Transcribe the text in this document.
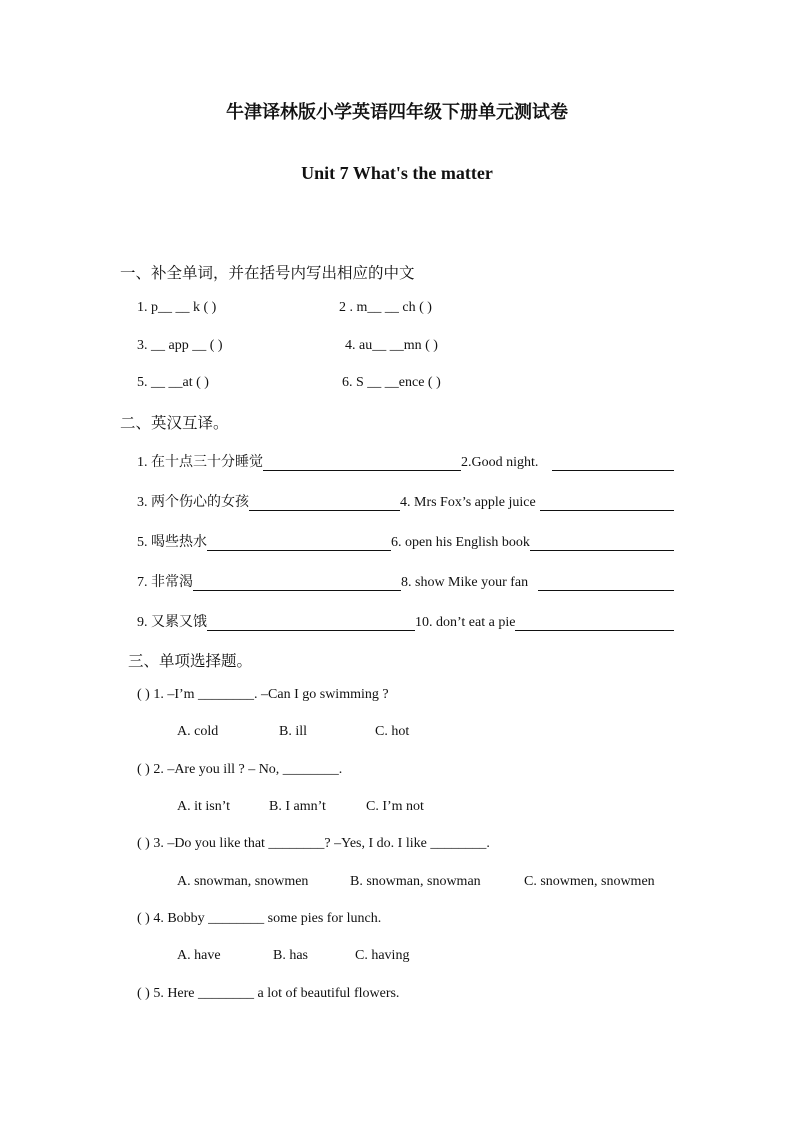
牛津译林版小学英语四年级下册单元测试卷
Unit 7 What's the matter
一、补全单词，并在括号内写出相应的中文
1. p__ __ k ( )	2 . m__ __ ch ( )
3. __ app __ ( )	4. au__ __mn ( )
5. __ __at ( )	6. S __ __ence ( )
二、英汉互译。
1. 在十点三十分睡觉	2.Good night.
3. 两个伤心的女孩	4. Mrs Fox’s apple juice
5. 喝些热水	6. open his English book
7. 非常渴	8. show Mike your fan
9. 又累又饿	10. don’t eat a pie
三、单项选择题。
( ) 1. –I’m ________. –Can I go swimming ?
A. cold	B. ill	C. hot
( ) 2. –Are you ill ? – No, ________.
A. it isn’t	B. I amn’t	C. I’m not
( ) 3. –Do you like that ________? –Yes, I do. I like ________.
A. snowman, snowmen	B. snowman, snowman	C. snowmen, snowmen
( ) 4. Bobby ________ some pies for lunch.
A. have	B. has	C. having
( ) 5. Here ________ a lot of beautiful flowers.
